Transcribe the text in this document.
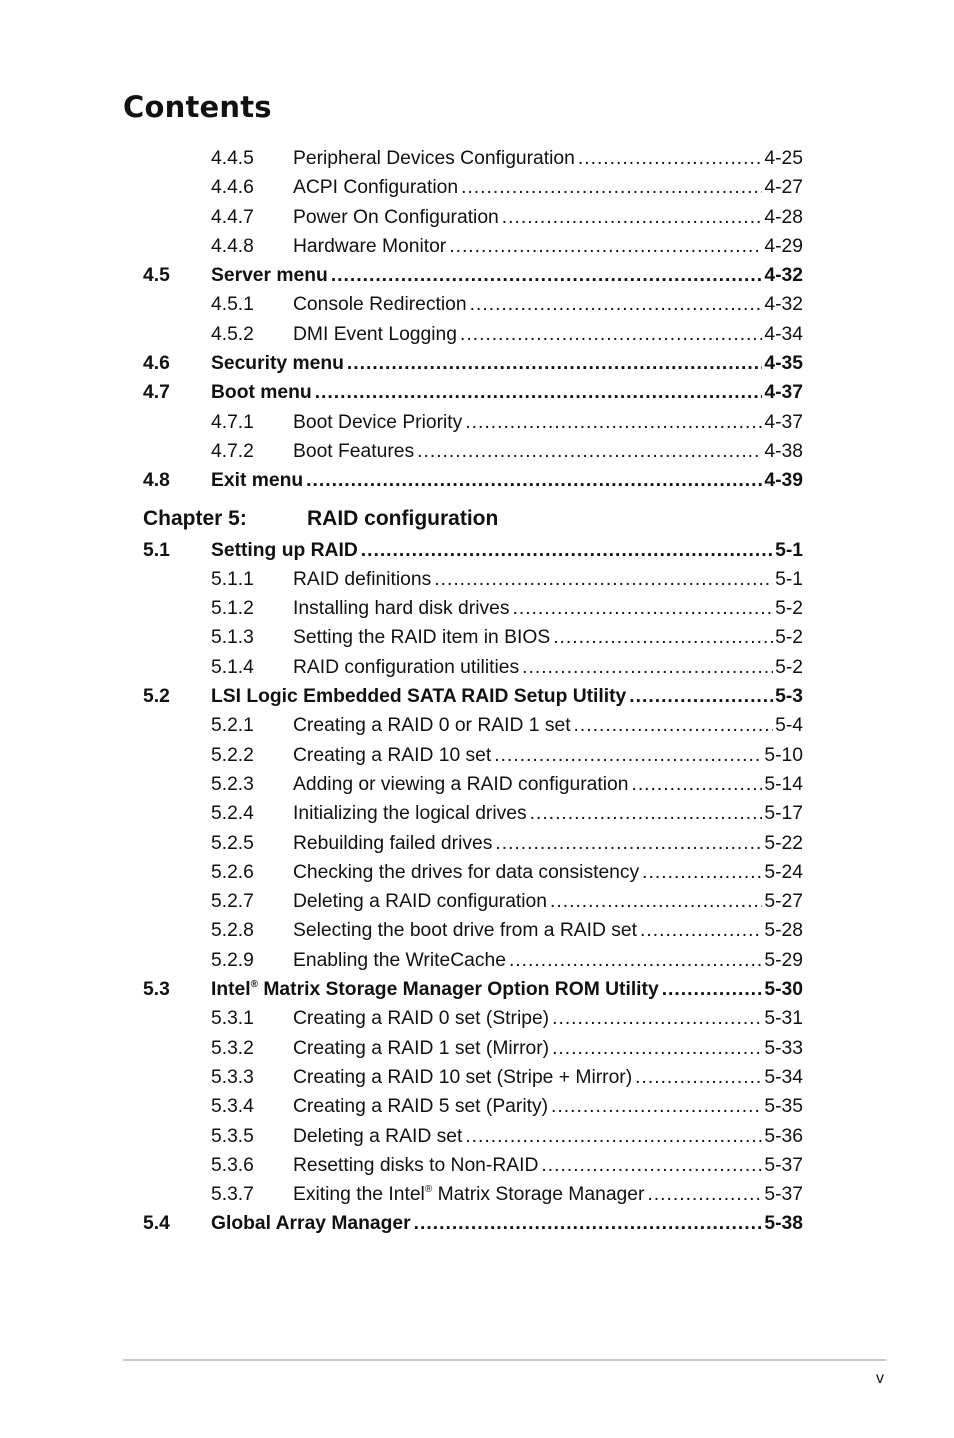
Contents
4.4.5 Peripheral Devices Configuration .....	4-25
4.4.6 ACPI Configuration .....	4-27
4.4.7 Power On Configuration .....	4-28
4.4.8 Hardware Monitor .....	4-29
4.5 Server menu .....	4-32
4.5.1 Console Redirection .....	4-32
4.5.2 DMI Event Logging .....	4-34
4.6 Security menu .....	4-35
4.7 Boot menu .....	4-37
4.7.1 Boot Device Priority .....	4-37
4.7.2 Boot Features .....	4-38
4.8 Exit menu .....	4-39
Chapter 5:	RAID configuration
5.1 Setting up RAID .....	5-1
5.1.1 RAID definitions .....	5-1
5.1.2 Installing hard disk drives .....	5-2
5.1.3 Setting the RAID item in BIOS .....	5-2
5.1.4 RAID configuration utilities .....	5-2
5.2 LSI Logic Embedded SATA RAID Setup Utility .....	5-3
5.2.1 Creating a RAID 0 or RAID 1 set .....	5-4
5.2.2 Creating a RAID 10 set .....	5-10
5.2.3 Adding or viewing a RAID configuration .....	5-14
5.2.4 Initializing the logical drives .....	5-17
5.2.5 Rebuilding failed drives .....	5-22
5.2.6 Checking the drives for data consistency .....	5-24
5.2.7 Deleting a RAID configuration .....	5-27
5.2.8 Selecting the boot drive from a RAID set .....	5-28
5.2.9 Enabling the WriteCache .....	5-29
5.3 Intel® Matrix Storage Manager Option ROM Utility .....	5-30
5.3.1 Creating a RAID 0 set (Stripe) .....	5-31
5.3.2 Creating a RAID 1 set (Mirror) .....	5-33
5.3.3 Creating a RAID 10 set (Stripe + Mirror) .....	5-34
5.3.4 Creating a RAID 5 set (Parity) .....	5-35
5.3.5 Deleting a RAID set .....	5-36
5.3.6 Resetting disks to Non-RAID .....	5-37
5.3.7 Exiting the Intel® Matrix Storage Manager .....	5-37
5.4 Global Array Manager .....	5-38
v
